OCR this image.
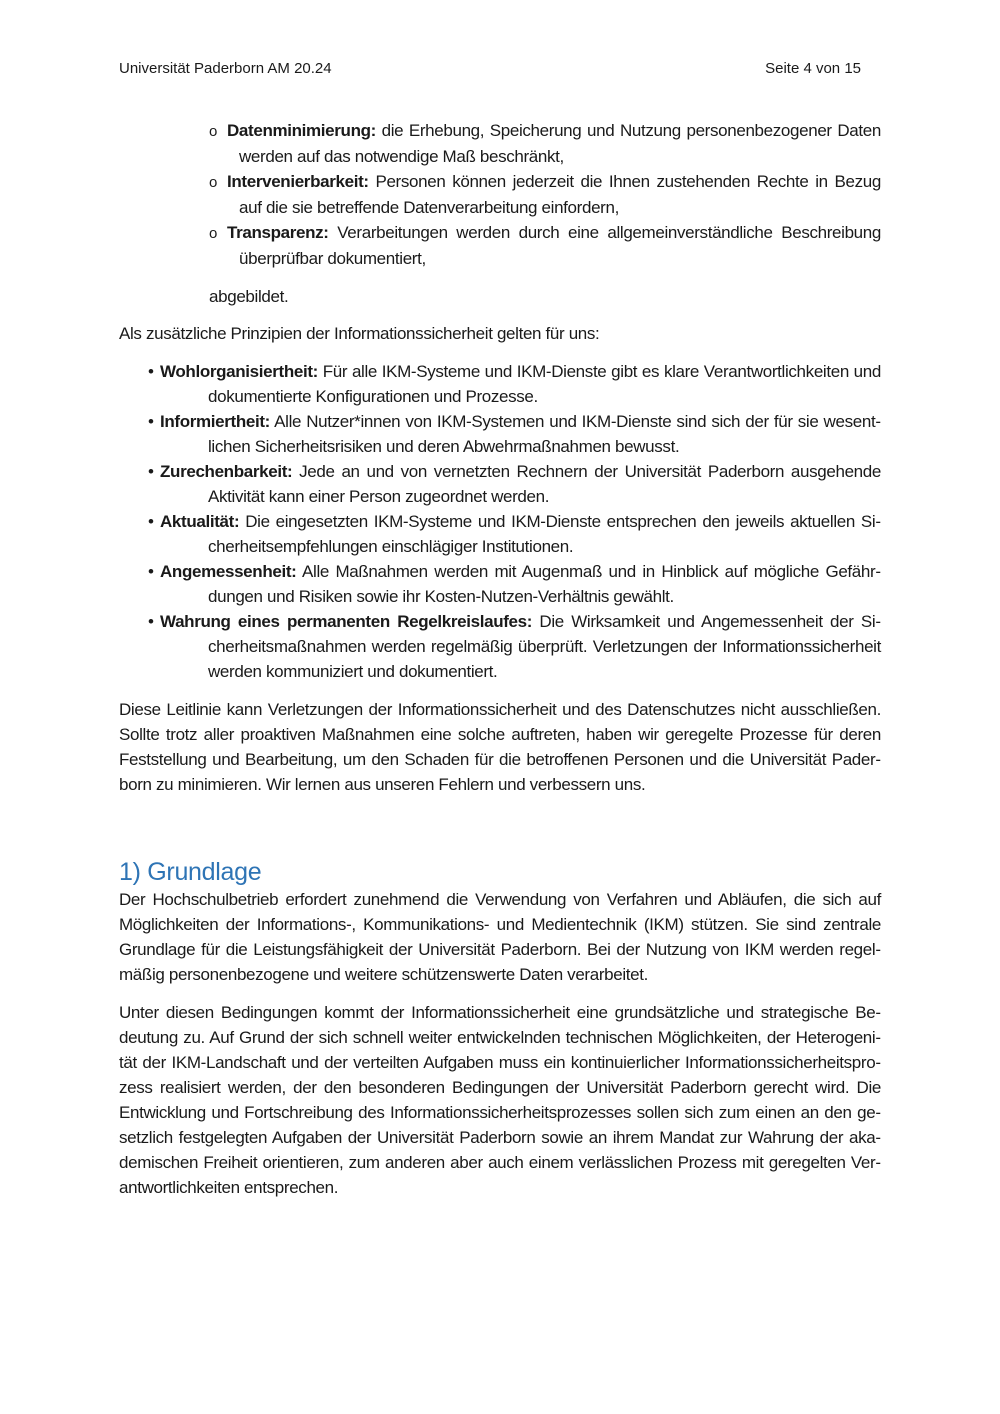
Universität Paderborn AM 20.24	Seite 4 von 15
o Datenminimierung: die Erhebung, Speicherung und Nutzung personenbezogener Daten werden auf das notwendige Maß beschränkt,
o Intervenierbarkeit: Personen können jederzeit die Ihnen zustehenden Rechte in Bezug auf die sie betreffende Datenverarbeitung einfordern,
o Transparenz: Verarbeitungen werden durch eine allgemeinverständliche Beschreibung überprüfbar dokumentiert,

abgebildet.

Als zusätzliche Prinzipien der Informationssicherheit gelten für uns:

• Wohlorganisiertheit: Für alle IKM-Systeme und IKM-Dienste gibt es klare Verantwortlichkeiten und dokumentierte Konfigurationen und Prozesse.
• Informiertheit: Alle Nutzer*innen von IKM-Systemen und IKM-Dienste sind sich der für sie wesentlichen Sicherheitsrisiken und deren Abwehrmaßnahmen bewusst.
• Zurechenbarkeit: Jede an und von vernetzten Rechnern der Universität Paderborn ausgehende Aktivität kann einer Person zugeordnet werden.
• Aktualität: Die eingesetzten IKM-Systeme und IKM-Dienste entsprechen den jeweils aktuellen Sicherheitsempfehlungen einschlägiger Institutionen.
• Angemessenheit: Alle Maßnahmen werden mit Augenmaß und in Hinblick auf mögliche Gefährdungen und Risiken sowie ihr Kosten-Nutzen-Verhältnis gewählt.
• Wahrung eines permanenten Regelkreislaufes: Die Wirksamkeit und Angemessenheit der Sicherheitsmaßnahmen werden regelmäßig überprüft. Verletzungen der Informationssicherheit werden kommuniziert und dokumentiert.

Diese Leitlinie kann Verletzungen der Informationssicherheit und des Datenschutzes nicht ausschließen. Sollte trotz aller proaktiven Maßnahmen eine solche auftreten, haben wir geregelte Prozesse für deren Feststellung und Bearbeitung, um den Schaden für die betroffenen Personen und die Universität Paderborn zu minimieren. Wir lernen aus unseren Fehlern und verbessern uns.

1) Grundlage

Der Hochschulbetrieb erfordert zunehmend die Verwendung von Verfahren und Abläufen, die sich auf Möglichkeiten der Informations-, Kommunikations- und Medientechnik (IKM) stützen. Sie sind zentrale Grundlage für die Leistungsfähigkeit der Universität Paderborn. Bei der Nutzung von IKM werden regelmäßig personenbezogene und weitere schützenswerte Daten verarbeitet.

Unter diesen Bedingungen kommt der Informationssicherheit eine grundsätzliche und strategische Bedeutung zu. Auf Grund der sich schnell weiter entwickelnden technischen Möglichkeiten, der Heterogenität der IKM-Landschaft und der verteilten Aufgaben muss ein kontinuierlicher Informationssicherheitsprozess realisiert werden, der den besonderen Bedingungen der Universität Paderborn gerecht wird. Die Entwicklung und Fortschreibung des Informationssicherheitsprozesses sollen sich zum einen an den gesetzlich festgelegten Aufgaben der Universität Paderborn sowie an ihrem Mandat zur Wahrung der akademischen Freiheit orientieren, zum anderen aber auch einem verlässlichen Prozess mit geregelten Verantwortlichkeiten entsprechen.
